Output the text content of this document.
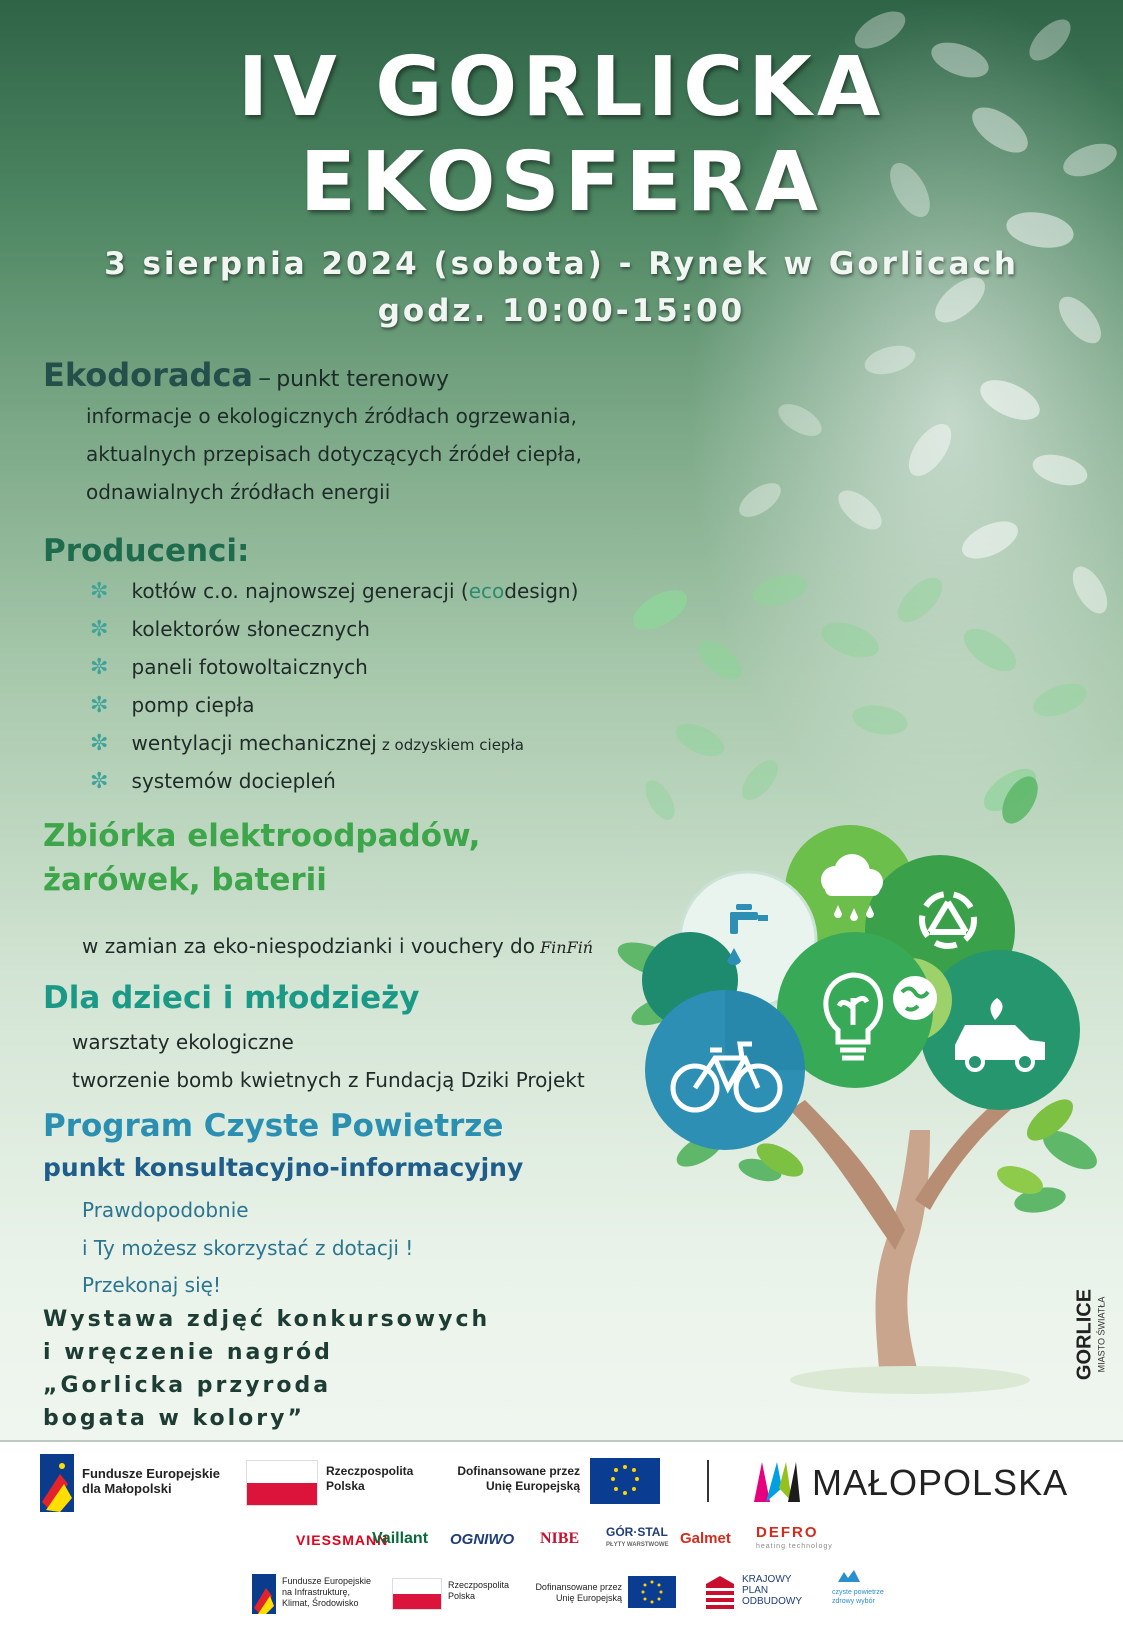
IV GORLICKA
EKOSFERA
3 sierpnia 2024 (sobota) - Rynek w Gorlicach
godz. 10:00-15:00
Ekodoradca – punkt terenowy
informacje o ekologicznych źródłach ogrzewania,
aktualnych przepisach dotyczących źródeł ciepła,
odnawialnych źródłach energii
Producenci:
✼ kotłów c.o. najnowszej generacji (ecodesign)
✼ kolektorów słonecznych
✼ paneli fotowoltaicznych
✼ pomp ciepła
✼ wentylacji mechanicznej z odzyskiem ciepła
✼ systemów dociepleń
Zbiórka elektroodpadów,
żarówek, baterii
w zamian za eko-niespodzianki i vouchery do FinFiń
Dla dzieci i młodzieży
warsztaty ekologiczne
tworzenie bomb kwietnych z Fundacją Dziki Projekt
Program Czyste Powietrze
punkt konsultacyjno-informacyjny
Prawdopodobnie
i Ty możesz skorzystać z dotacji !
Przekonaj się!
Wystawa zdjęć konkursowych
i wręczenie nagród
„Gorlicka przyroda
bogata w kolory”
GORLICE MIASTO ŚWIATŁA
Fundusze Europejskie
dla Małopolski
Rzeczpospolita
Polska
Dofinansowane przez
Unię Europejską	MAŁOPOLSKA
VIESSMANN
Vaillant OGNIWO NIBE GÓR·STAL
PŁYTY WARSTWOWE Galmet DEFRO
heating technology
Fundusze Europejskie
na Infrastrukturę,
Klimat, Środowisko
Rzeczpospolita
Polska
Dofinansowane przez
Unię Europejską
KRAJOWY
PLAN
ODBUDOWY
czyste powietrze
zdrowy wybór
